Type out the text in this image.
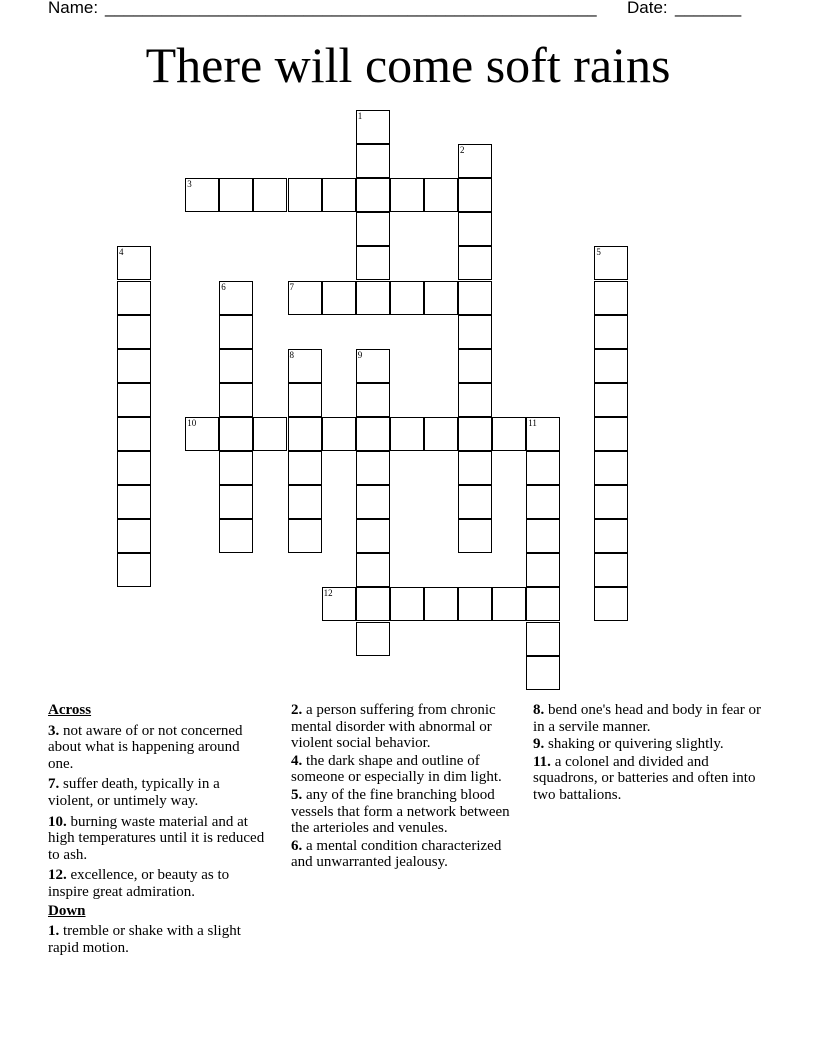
Name: ____________________________________________________ Date: _______
There will come soft rains
1
2
3
4	5
6	7
8	9
10	11
12
Across
3. not aware of or not concerned about what is happening around one.
7. suffer death, typically in a violent, or untimely way.
10. burning waste material and at high temperatures until it is reduced to ash.
12. excellence, or beauty as to inspire great admiration.
Down
1. tremble or shake with a slight rapid motion.
2. a person suffering from chronic mental disorder with abnormal or violent social behavior.
4. the dark shape and outline of someone or especially in dim light.
5. any of the fine branching blood vessels that form a network between the arterioles and venules.
6. a mental condition characterized and unwarranted jealousy.
8. bend one's head and body in fear or in a servile manner.
9. shaking or quivering slightly.
11. a colonel and divided and squadrons, or batteries and often into two battalions.
